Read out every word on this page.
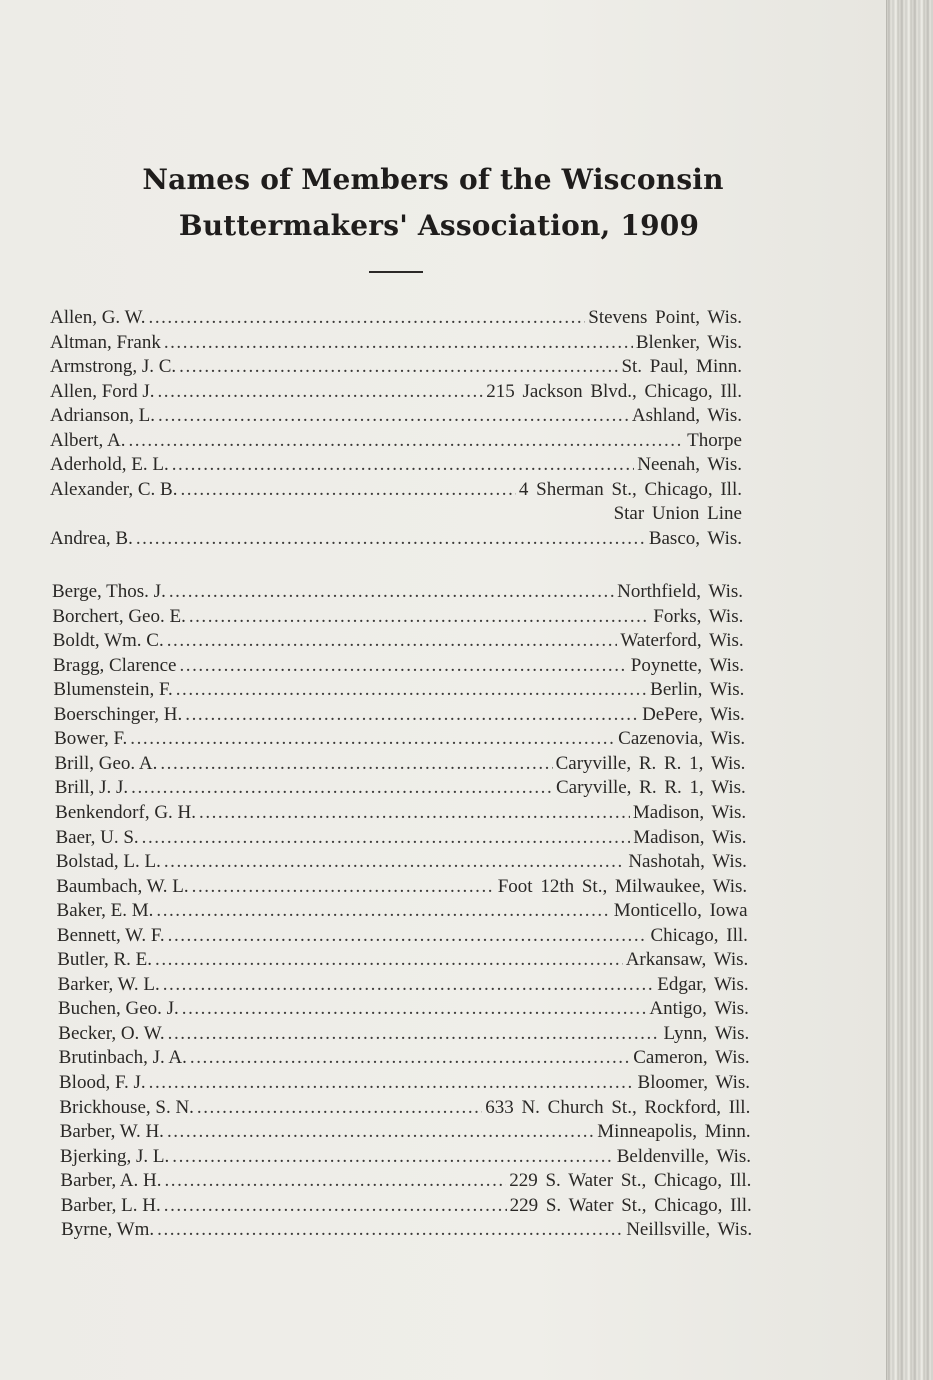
Names of Members of the Wisconsin
Buttermakers' Association, 1909
Allen, G. W. . . .	Stevens Point, Wis.
Altman, Frank . . .	Blenker, Wis.
Armstrong, J. C. . . .	St. Paul, Minn.
Allen, Ford J. . . .	215 Jackson Blvd., Chicago, Ill.
Adrianson, L. . . .	Ashland, Wis.
Albert, A. . . .	Thorpe
Aderhold, E. L. . . .	Neenah, Wis.
Alexander, C. B. . . .	4 Sherman St., Chicago, Ill.
Star Union Line
Andrea, B. . . .	Basco, Wis.
Berge, Thos. J. . . .	Northfield, Wis.
Borchert, Geo. E. . . .	Forks, Wis.
Boldt, Wm. C. . . .	Waterford, Wis.
Bragg, Clarence . . .	Poynette, Wis.
Blumenstein, F. . . .	Berlin, Wis.
Boerschinger, H. . . .	DePere, Wis.
Bower, F. . . .	Cazenovia, Wis.
Brill, Geo. A. . . .	Caryville, R. R. 1, Wis.
Brill, J. J. . . .	Caryville, R. R. 1, Wis.
Benkendorf, G. H. . . .	Madison, Wis.
Baer, U. S. . . .	Madison, Wis.
Bolstad, L. L. . . .	Nashotah, Wis.
Baumbach, W. L. . . .	Foot 12th St., Milwaukee, Wis.
Baker, E. M. . . .	Monticello, Iowa
Bennett, W. F. . . .	Chicago, Ill.
Butler, R. E. . . .	Arkansaw, Wis.
Barker, W. L. . . .	Edgar, Wis.
Buchen, Geo. J. . . .	Antigo, Wis.
Becker, O. W. . . .	Lynn, Wis.
Brutinbach, J. A. . . .	Cameron, Wis.
Blood, F. J. . . .	Bloomer, Wis.
Brickhouse, S. N. . . .	633 N. Church St., Rockford, Ill.
Barber, W. H. . . .	Minneapolis, Minn.
Bjerking, J. L. . . .	Beldenville, Wis.
Barber, A. H. . . .	229 S. Water St., Chicago, Ill.
Barber, L. H. . . .	229 S. Water St., Chicago, Ill.
Byrne, Wm. . . .	Neillsville, Wis.
